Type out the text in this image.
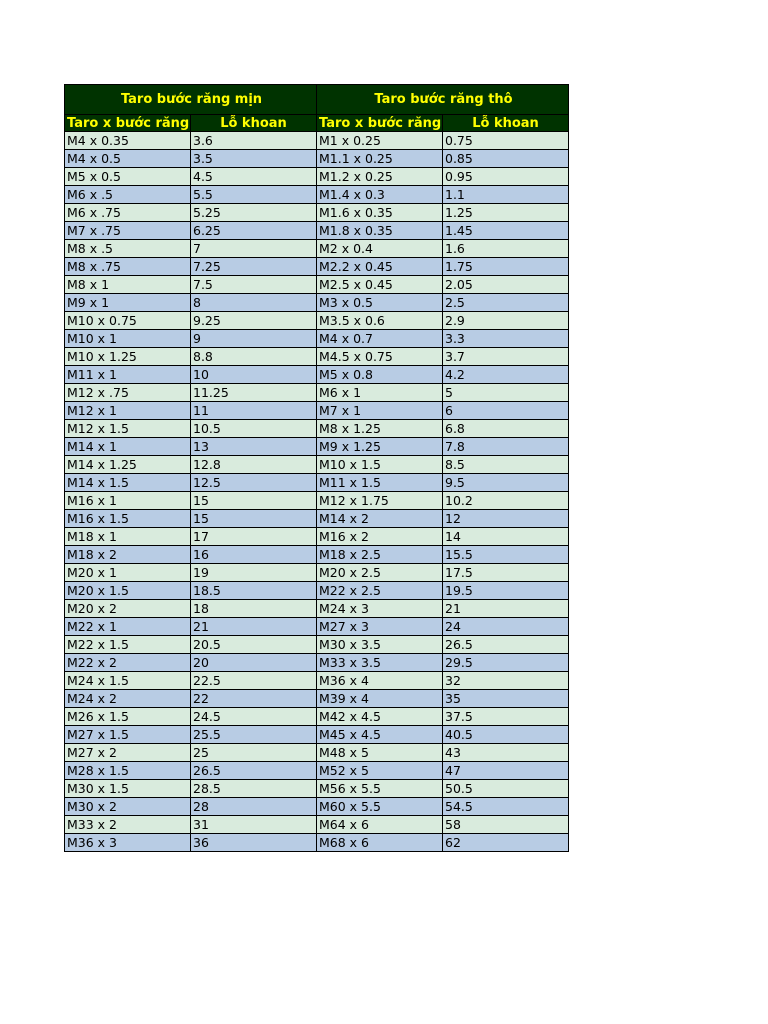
Taro bước răng mịn		Taro bước răng thô	
Taro x bước răng	Lỗ khoan	Taro x bước răng	Lỗ khoan
M4 x 0.35	3.6	M1 x 0.25	0.75
M4 x 0.5	3.5	M1.1 x 0.25	0.85
M5 x 0.5	4.5	M1.2 x 0.25	0.95
M6 x .5	5.5	M1.4 x 0.3	1.1
M6 x .75	5.25	M1.6 x 0.35	1.25
M7 x .75	6.25	M1.8 x 0.35	1.45
M8 x .5	7	M2 x 0.4	1.6
M8 x .75	7.25	M2.2 x 0.45	1.75
M8 x 1	7.5	M2.5 x 0.45	2.05
M9 x 1	8	M3 x 0.5	2.5
M10 x 0.75	9.25	M3.5 x 0.6	2.9
M10 x 1	9	M4 x 0.7	3.3
M10 x 1.25	8.8	M4.5 x 0.75	3.7
M11 x 1	10	M5 x 0.8	4.2
M12 x .75	11.25	M6 x 1	5
M12 x 1	11	M7 x 1	6
M12 x 1.5	10.5	M8 x 1.25	6.8
M14 x 1	13	M9 x 1.25	7.8
M14 x 1.25	12.8	M10 x 1.5	8.5
M14 x 1.5	12.5	M11 x 1.5	9.5
M16 x 1	15	M12 x 1.75	10.2
M16 x 1.5	15	M14 x 2	12
M18 x 1	17	M16 x 2	14
M18 x 2	16	M18 x 2.5	15.5
M20 x 1	19	M20 x 2.5	17.5
M20 x 1.5	18.5	M22 x 2.5	19.5
M20 x 2	18	M24 x 3	21
M22 x 1	21	M27 x 3	24
M22 x 1.5	20.5	M30 x 3.5	26.5
M22 x 2	20	M33 x 3.5	29.5
M24 x 1.5	22.5	M36 x 4	32
M24 x 2	22	M39 x 4	35
M26 x 1.5	24.5	M42 x 4.5	37.5
M27 x 1.5	25.5	M45 x 4.5	40.5
M27 x 2	25	M48 x 5	43
M28 x 1.5	26.5	M52 x 5	47
M30 x 1.5	28.5	M56 x 5.5	50.5
M30 x 2	28	M60 x 5.5	54.5
M33 x 2	31	M64 x 6	58
M36 x 3	36	M68 x 6	62
